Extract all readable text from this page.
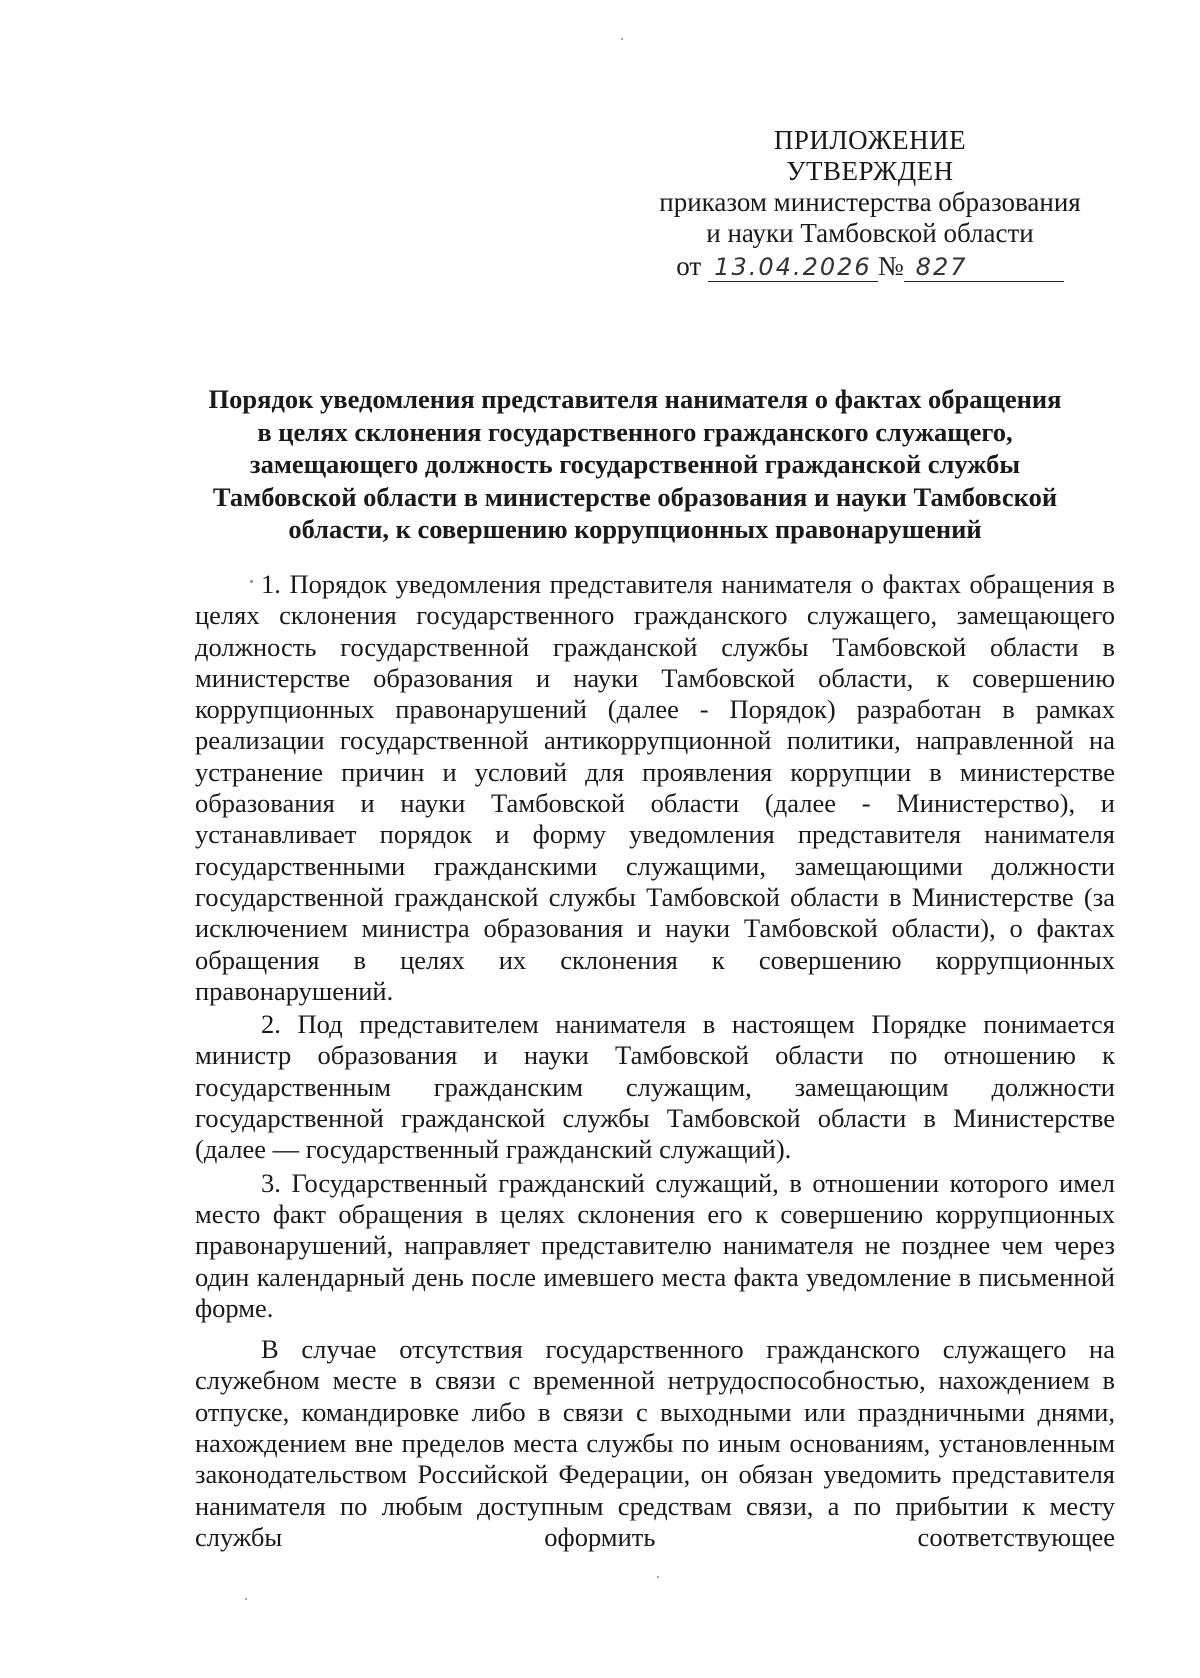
ПРИЛОЖЕНИЕ
УТВЕРЖДЕН
приказом министерства образования
и науки Тамбовской области
от 13.04.2026 № 827
Порядок уведомления представителя нанимателя о фактах обращения
в целях склонения государственного гражданского служащего,
замещающего должность государственной гражданской службы
Тамбовской области в министерстве образования и науки Тамбовской
области, к совершению коррупционных правонарушений

1. Порядок уведомления представителя нанимателя о фактах обращения в целях склонения государственного гражданского служащего, замещающего должность государственной гражданской службы Тамбовской области в министерстве образования и науки Тамбовской области, к совершению коррупционных правонарушений (далее - Порядок) разработан в рамках реализации государственной антикоррупционной политики, направленной на устранение причин и условий для проявления коррупции в министерстве образования и науки Тамбовской области (далее - Министерство), и устанавливает порядок и форму уведомления представителя нанимателя государственными гражданскими служащими, замещающими должности государственной гражданской службы Тамбовской области в Министерстве (за исключением министра образования и науки Тамбовской области), о фактах обращения в целях их склонения к совершению коррупционных правонарушений.

2. Под представителем нанимателя в настоящем Порядке понимается министр образования и науки Тамбовской области по отношению к государственным гражданским служащим, замещающим должности государственной гражданской службы Тамбовской области в Министерстве (далее — государственный гражданский служащий).

3. Государственный гражданский служащий, в отношении которого имел место факт обращения в целях склонения его к совершению коррупционных правонарушений, направляет представителю нанимателя не позднее чем через один календарный день после имевшего места факта уведомление в письменной форме.

В случае отсутствия государственного гражданского служащего на служебном месте в связи с временной нетрудоспособностью, нахождением в отпуске, командировке либо в связи с выходными или праздничными днями, нахождением вне пределов места службы по иным основаниям, установленным законодательством Российской Федерации, он обязан уведомить представителя нанимателя по любым доступным средствам связи, а по прибытии к месту службы оформить соответствующее
